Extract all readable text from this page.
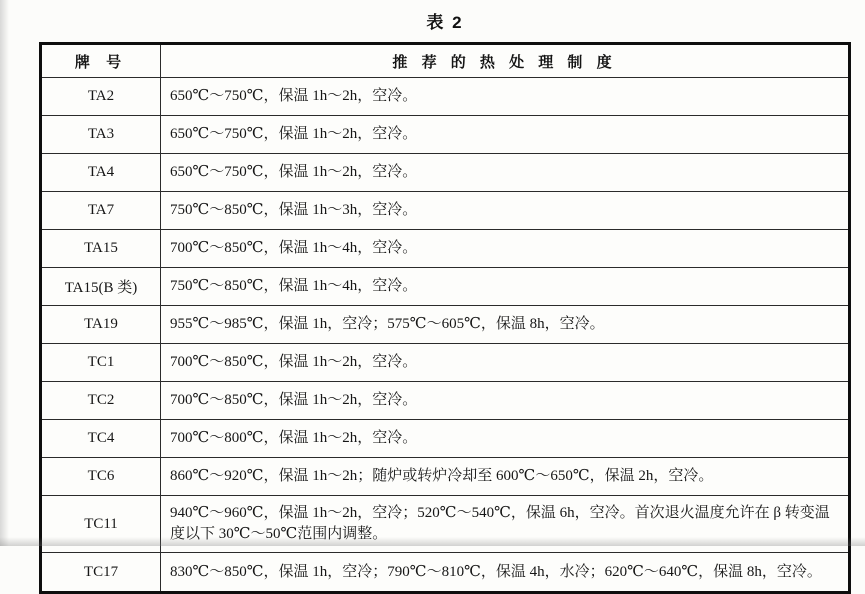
表 2
牌 号	推 荐 的 热 处 理 制 度
TA2	650℃～750℃，保温 1h～2h，空冷。
TA3	650℃～750℃，保温 1h～2h，空冷。
TA4	650℃～750℃，保温 1h～2h，空冷。
TA7	750℃～850℃，保温 1h～3h，空冷。
TA15	700℃～850℃，保温 1h～4h，空冷。
TA15(B 类)	750℃～850℃，保温 1h～4h，空冷。
TA19	955℃～985℃，保温 1h，空冷；575℃～605℃，保温 8h，空冷。
TC1	700℃～850℃，保温 1h～2h，空冷。
TC2	700℃～850℃，保温 1h～2h，空冷。
TC4	700℃～800℃，保温 1h～2h，空冷。
TC6	860℃～920℃，保温 1h～2h；随炉或转炉冷却至 600℃～650℃，保温 2h，空冷。
TC11	940℃～960℃，保温 1h～2h，空冷；520℃～540℃，保温 6h，空冷。首次退火温度允许在 β 转变温度以下 30℃～50℃范围内调整。
TC17	830℃～850℃，保温 1h，空冷；790℃～810℃，保温 4h，水冷；620℃～640℃，保温 8h，空冷。
